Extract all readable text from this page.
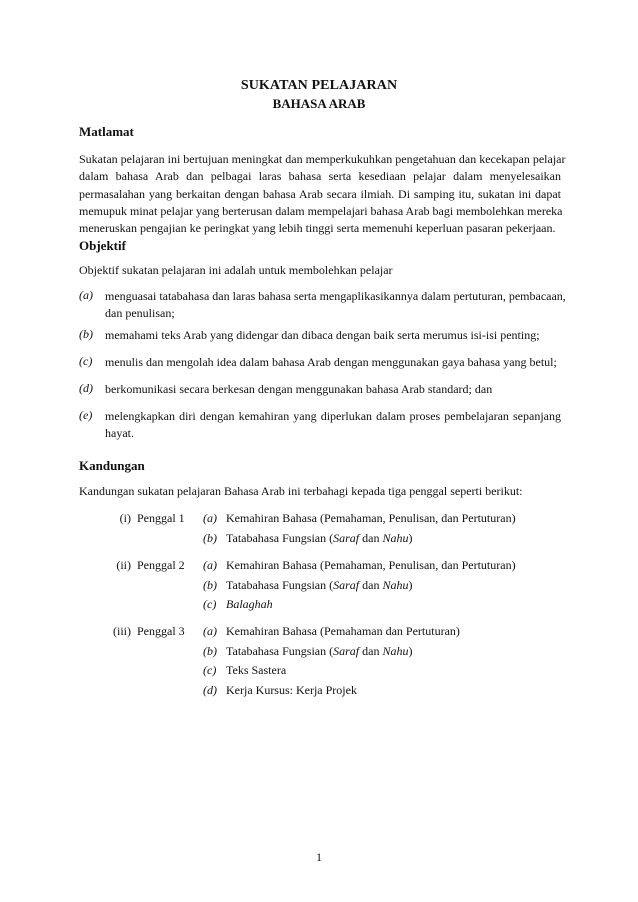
SUKATAN PELAJARAN
BAHASA ARAB
Matlamat
Sukatan pelajaran ini bertujuan meningkat dan memperkukuhkan pengetahuan dan kecekapan pelajar
dalam bahasa Arab dan pelbagai laras bahasa serta kesediaan pelajar dalam menyelesaikan
permasalahan yang berkaitan dengan bahasa Arab secara ilmiah. Di samping itu, sukatan ini dapat
memupuk minat pelajar yang berterusan dalam mempelajari bahasa Arab bagi membolehkan mereka
meneruskan pengajian ke peringkat yang lebih tinggi serta memenuhi keperluan pasaran pekerjaan.
Objektif
Objektif sukatan pelajaran ini adalah untuk membolehkan pelajar
(a) menguasai tatabahasa dan laras bahasa serta mengaplikasikannya dalam pertuturan, pembacaan,
dan penulisan;
(b) memahami teks Arab yang didengar dan dibaca dengan baik serta merumus isi-isi penting;
(c) menulis dan mengolah idea dalam bahasa Arab dengan menggunakan gaya bahasa yang betul;
(d) berkomunikasi secara berkesan dengan menggunakan bahasa Arab standard; dan
(e) melengkapkan diri dengan kemahiran yang diperlukan dalam proses pembelajaran sepanjang
hayat.
Kandungan
Kandungan sukatan pelajaran Bahasa Arab ini terbahagi kepada tiga penggal seperti berikut:
(i) Penggal 1 (a) Kemahiran Bahasa (Pemahaman, Penulisan, dan Pertuturan)
(b) Tatabahasa Fungsian (Saraf dan Nahu)
(ii) Penggal 2 (a) Kemahiran Bahasa (Pemahaman, Penulisan, dan Pertuturan)
(b) Tatabahasa Fungsian (Saraf dan Nahu)
(c) Balaghah
(iii) Penggal 3 (a) Kemahiran Bahasa (Pemahaman dan Pertuturan)
(b) Tatabahasa Fungsian (Saraf dan Nahu)
(c) Teks Sastera
(d) Kerja Kursus: Kerja Projek
1
